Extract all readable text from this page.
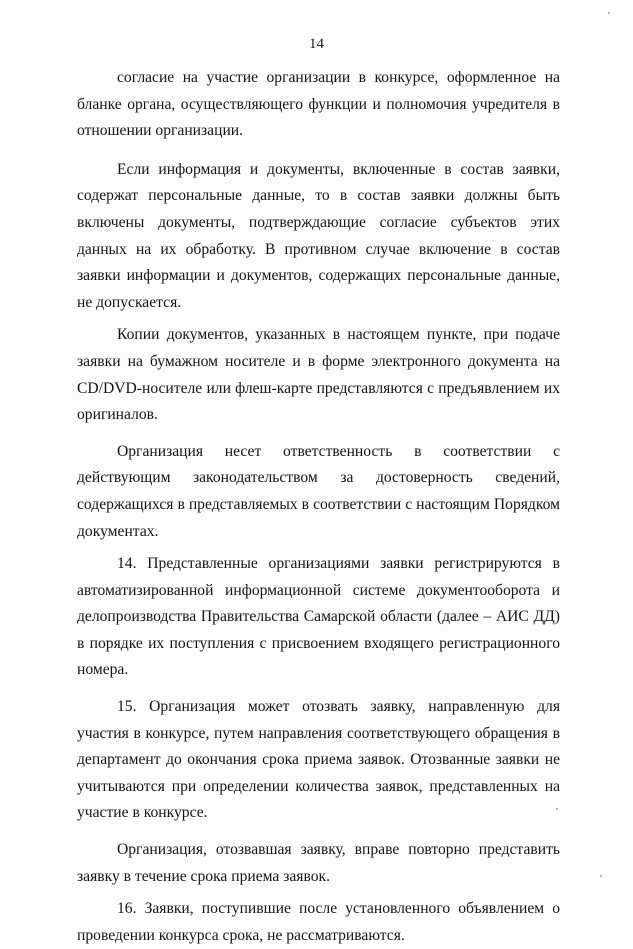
14

согласие на участие организации в конкурсе, оформленное на бланке органа, осуществляющего функции и полномочия учредителя в отношении организации.

Если информация и документы, включенные в состав заявки, содержат персональные данные, то в состав заявки должны быть включены документы, подтверждающие согласие субъектов этих данных на их обработку. В противном случае включение в состав заявки информации и документов, содержащих персональные данные, не допускается.

Копии документов, указанных в настоящем пункте, при подаче заявки на бумажном носителе и в форме электронного документа на CD/DVD-носителе или флеш-карте представляются с предъявлением их оригиналов.

Организация несет ответственность в соответствии с действующим законодательством за достоверность сведений, содержащихся в представляемых в соответствии с настоящим Порядком документах.

14. Представленные организациями заявки регистрируются в автоматизированной информационной системе документооборота и делопроизводства Правительства Самарской области (далее – АИС ДД) в порядке их поступления с присвоением входящего регистрационного номера.

15. Организация может отозвать заявку, направленную для участия в конкурсе, путем направления соответствующего обращения в департамент до окончания срока приема заявок. Отозванные заявки не учитываются при определении количества заявок, представленных на участие в конкурсе.

Организация, отозвавшая заявку, вправе повторно представить заявку в течение срока приема заявок.

16. Заявки, поступившие после установленного объявлением о проведении конкурса срока, не рассматриваются.
